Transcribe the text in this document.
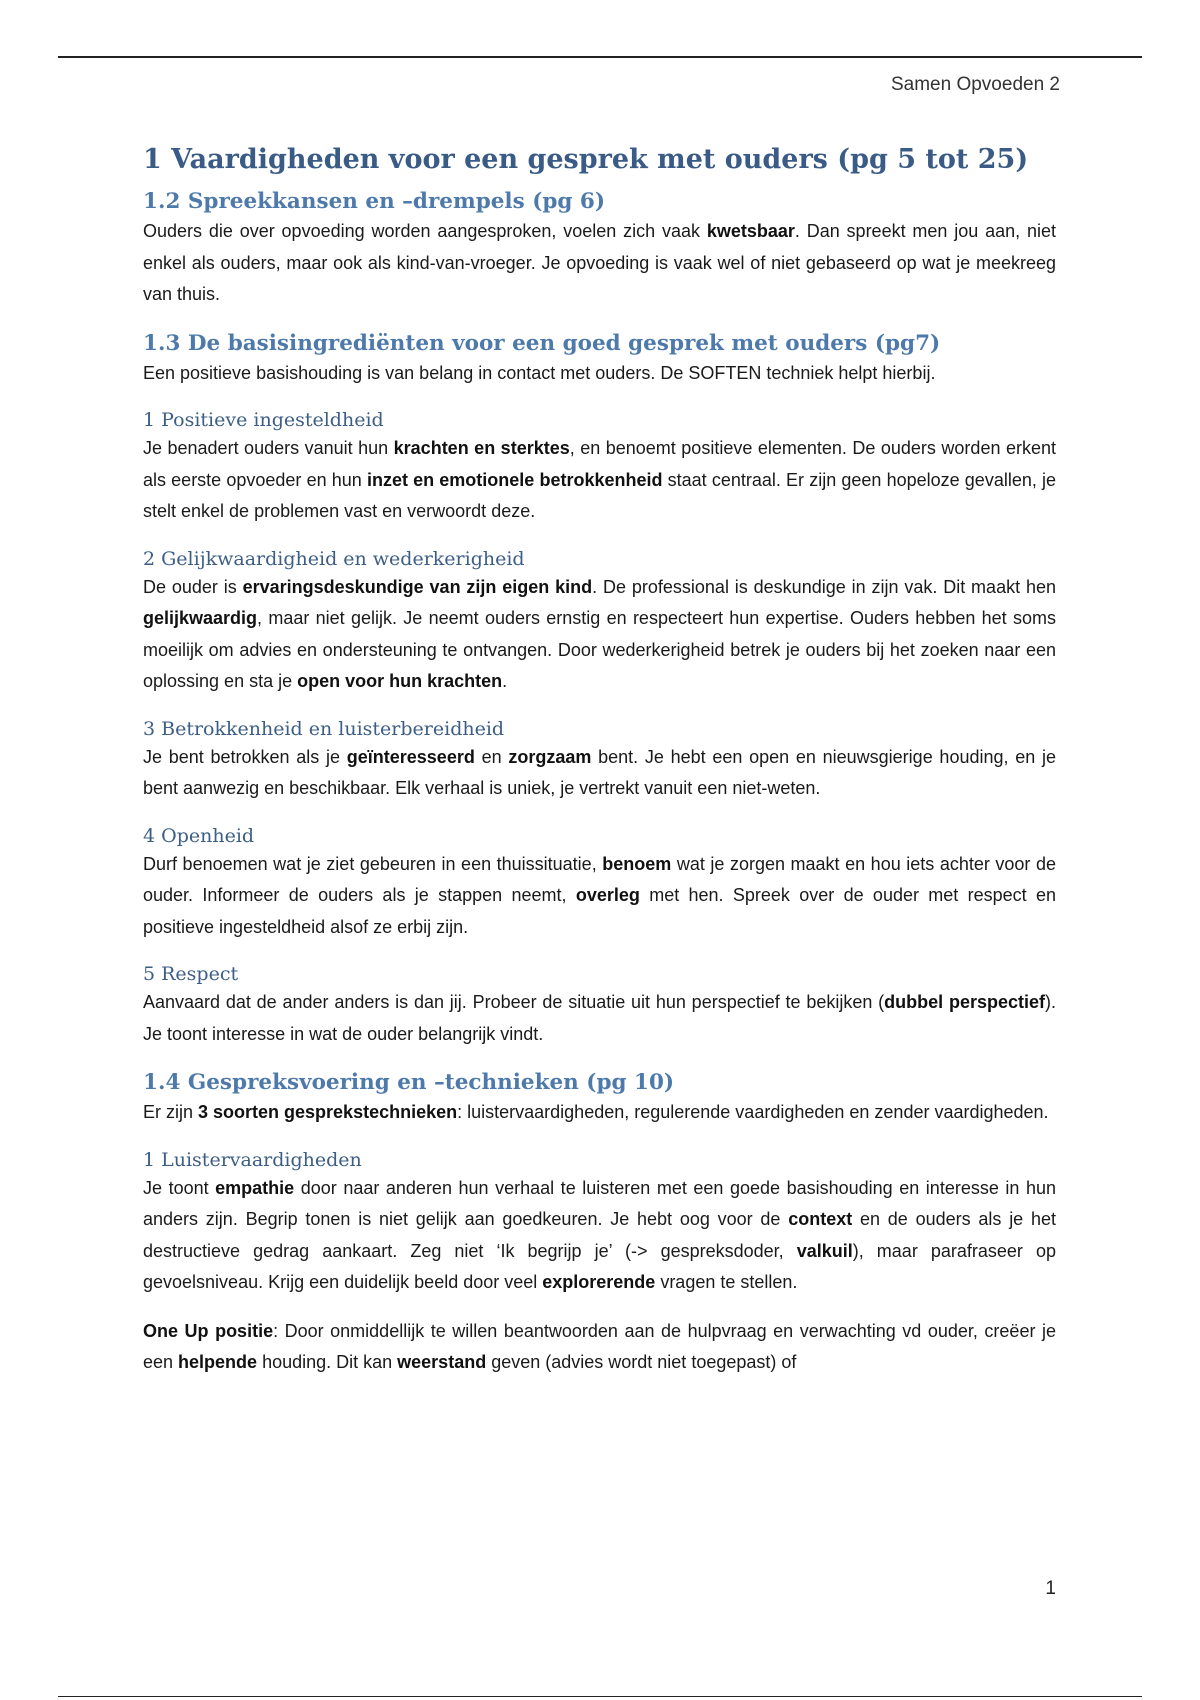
Samen Opvoeden 2
1 Vaardigheden voor een gesprek met ouders (pg 5 tot 25)
1.2 Spreekkansen en –drempels (pg 6)

Ouders die over opvoeding worden aangesproken, voelen zich vaak kwetsbaar. Dan spreekt men jou aan, niet enkel als ouders, maar ook als kind-van-vroeger. Je opvoeding is vaak wel of niet gebaseerd op wat je meekreeg van thuis.

1.3 De basisingrediënten voor een goed gesprek met ouders (pg7)

Een positieve basishouding is van belang in contact met ouders. De SOFTEN techniek helpt hierbij.

1 Positieve ingesteldheid

Je benadert ouders vanuit hun krachten en sterktes, en benoemt positieve elementen. De ouders worden erkent als eerste opvoeder en hun inzet en emotionele betrokkenheid staat centraal. Er zijn geen hopeloze gevallen, je stelt enkel de problemen vast en verwoordt deze.

2 Gelijkwaardigheid en wederkerigheid

De ouder is ervaringsdeskundige van zijn eigen kind. De professional is deskundige in zijn vak. Dit maakt hen gelijkwaardig, maar niet gelijk. Je neemt ouders ernstig en respecteert hun expertise. Ouders hebben het soms moeilijk om advies en ondersteuning te ontvangen. Door wederkerigheid betrek je ouders bij het zoeken naar een oplossing en sta je open voor hun krachten.

3 Betrokkenheid en luisterbereidheid

Je bent betrokken als je geïnteresseerd en zorgzaam bent. Je hebt een open en nieuwsgierige houding, en je bent aanwezig en beschikbaar. Elk verhaal is uniek, je vertrekt vanuit een niet-weten.

4 Openheid

Durf benoemen wat je ziet gebeuren in een thuissituatie, benoem wat je zorgen maakt en hou iets achter voor de ouder. Informeer de ouders als je stappen neemt, overleg met hen. Spreek over de ouder met respect en positieve ingesteldheid alsof ze erbij zijn.

5 Respect

Aanvaard dat de ander anders is dan jij. Probeer de situatie uit hun perspectief te bekijken (dubbel perspectief). Je toont interesse in wat de ouder belangrijk vindt.

1.4 Gespreksvoering en –technieken (pg 10)

Er zijn 3 soorten gesprekstechnieken: luistervaardigheden, regulerende vaardigheden en zender vaardigheden.

1 Luistervaardigheden

Je toont empathie door naar anderen hun verhaal te luisteren met een goede basishouding en interesse in hun anders zijn. Begrip tonen is niet gelijk aan goedkeuren. Je hebt oog voor de context en de ouders als je het destructieve gedrag aankaart. Zeg niet ‘Ik begrijp je’ (-> gespreksdoder, valkuil), maar parafraseer op gevoelsniveau. Krijg een duidelijk beeld door veel explorerende vragen te stellen.

One Up positie: Door onmiddellijk te willen beantwoorden aan de hulpvraag en verwachting vd ouder, creëer je een helpende houding. Dit kan weerstand geven (advies wordt niet toegepast) of

1
